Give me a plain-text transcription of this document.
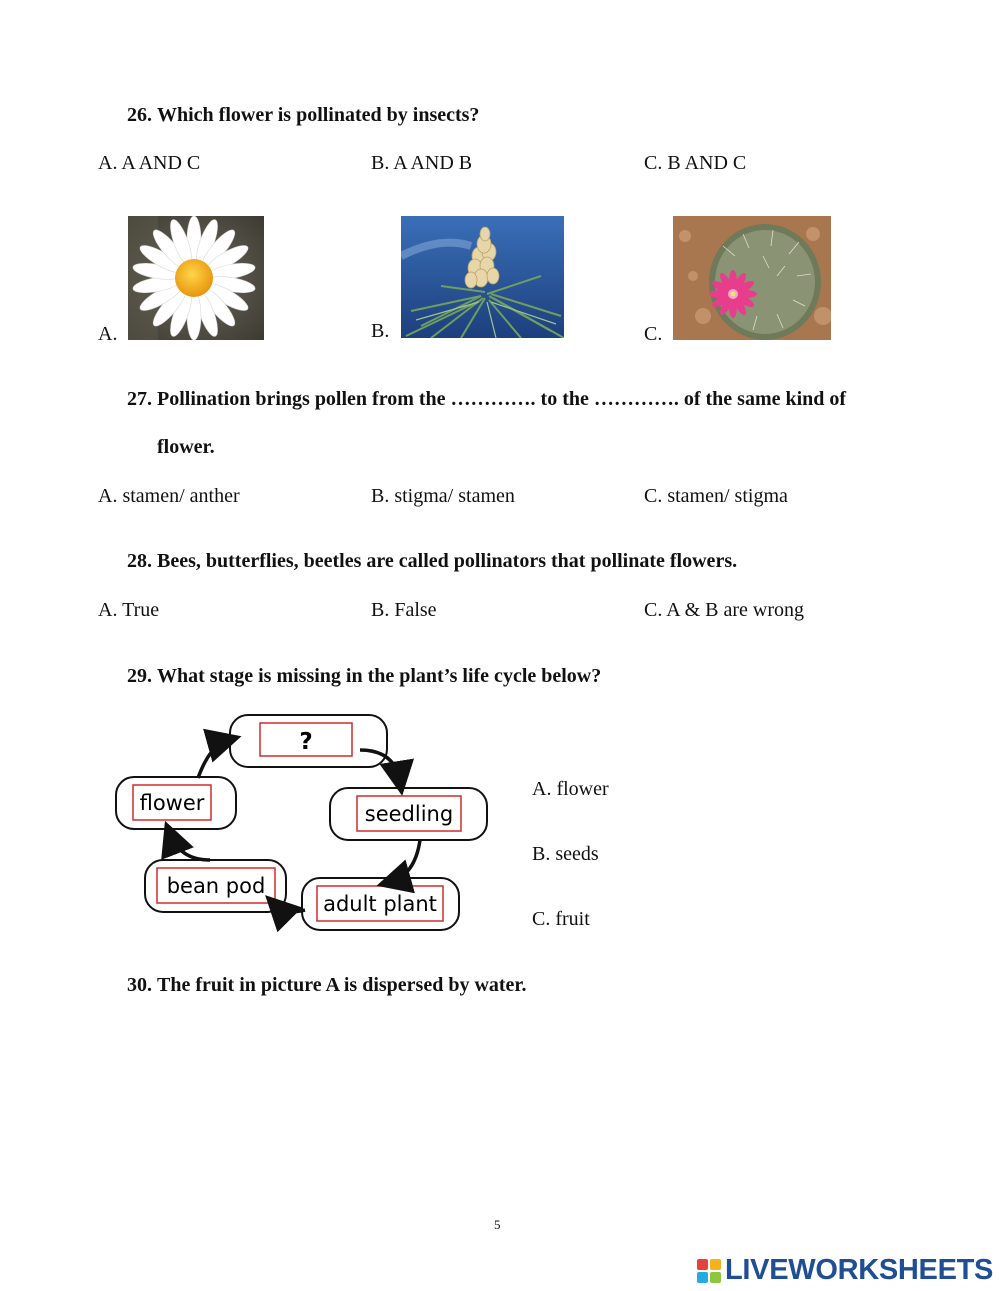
26. Which flower is pollinated by insects?
A. A AND C	B. A AND B	C. B AND C
A.	B.	C.
27. Pollination brings pollen from the …………. to the …………. of the same kind of
flower.
A. stamen/ anther	B. stigma/ stamen	C. stamen/ stigma
28. Bees, butterflies, beetles are called pollinators that pollinate flowers.
A. True	B. False	C. A & B are wrong
29. What stage is missing in the plant’s life cycle below?
?
seedling
adult plant
bean pod
flower
A. flower
B. seeds
C. fruit
30. The fruit in picture A is dispersed by water.
5
LIVEWORKSHEETS
